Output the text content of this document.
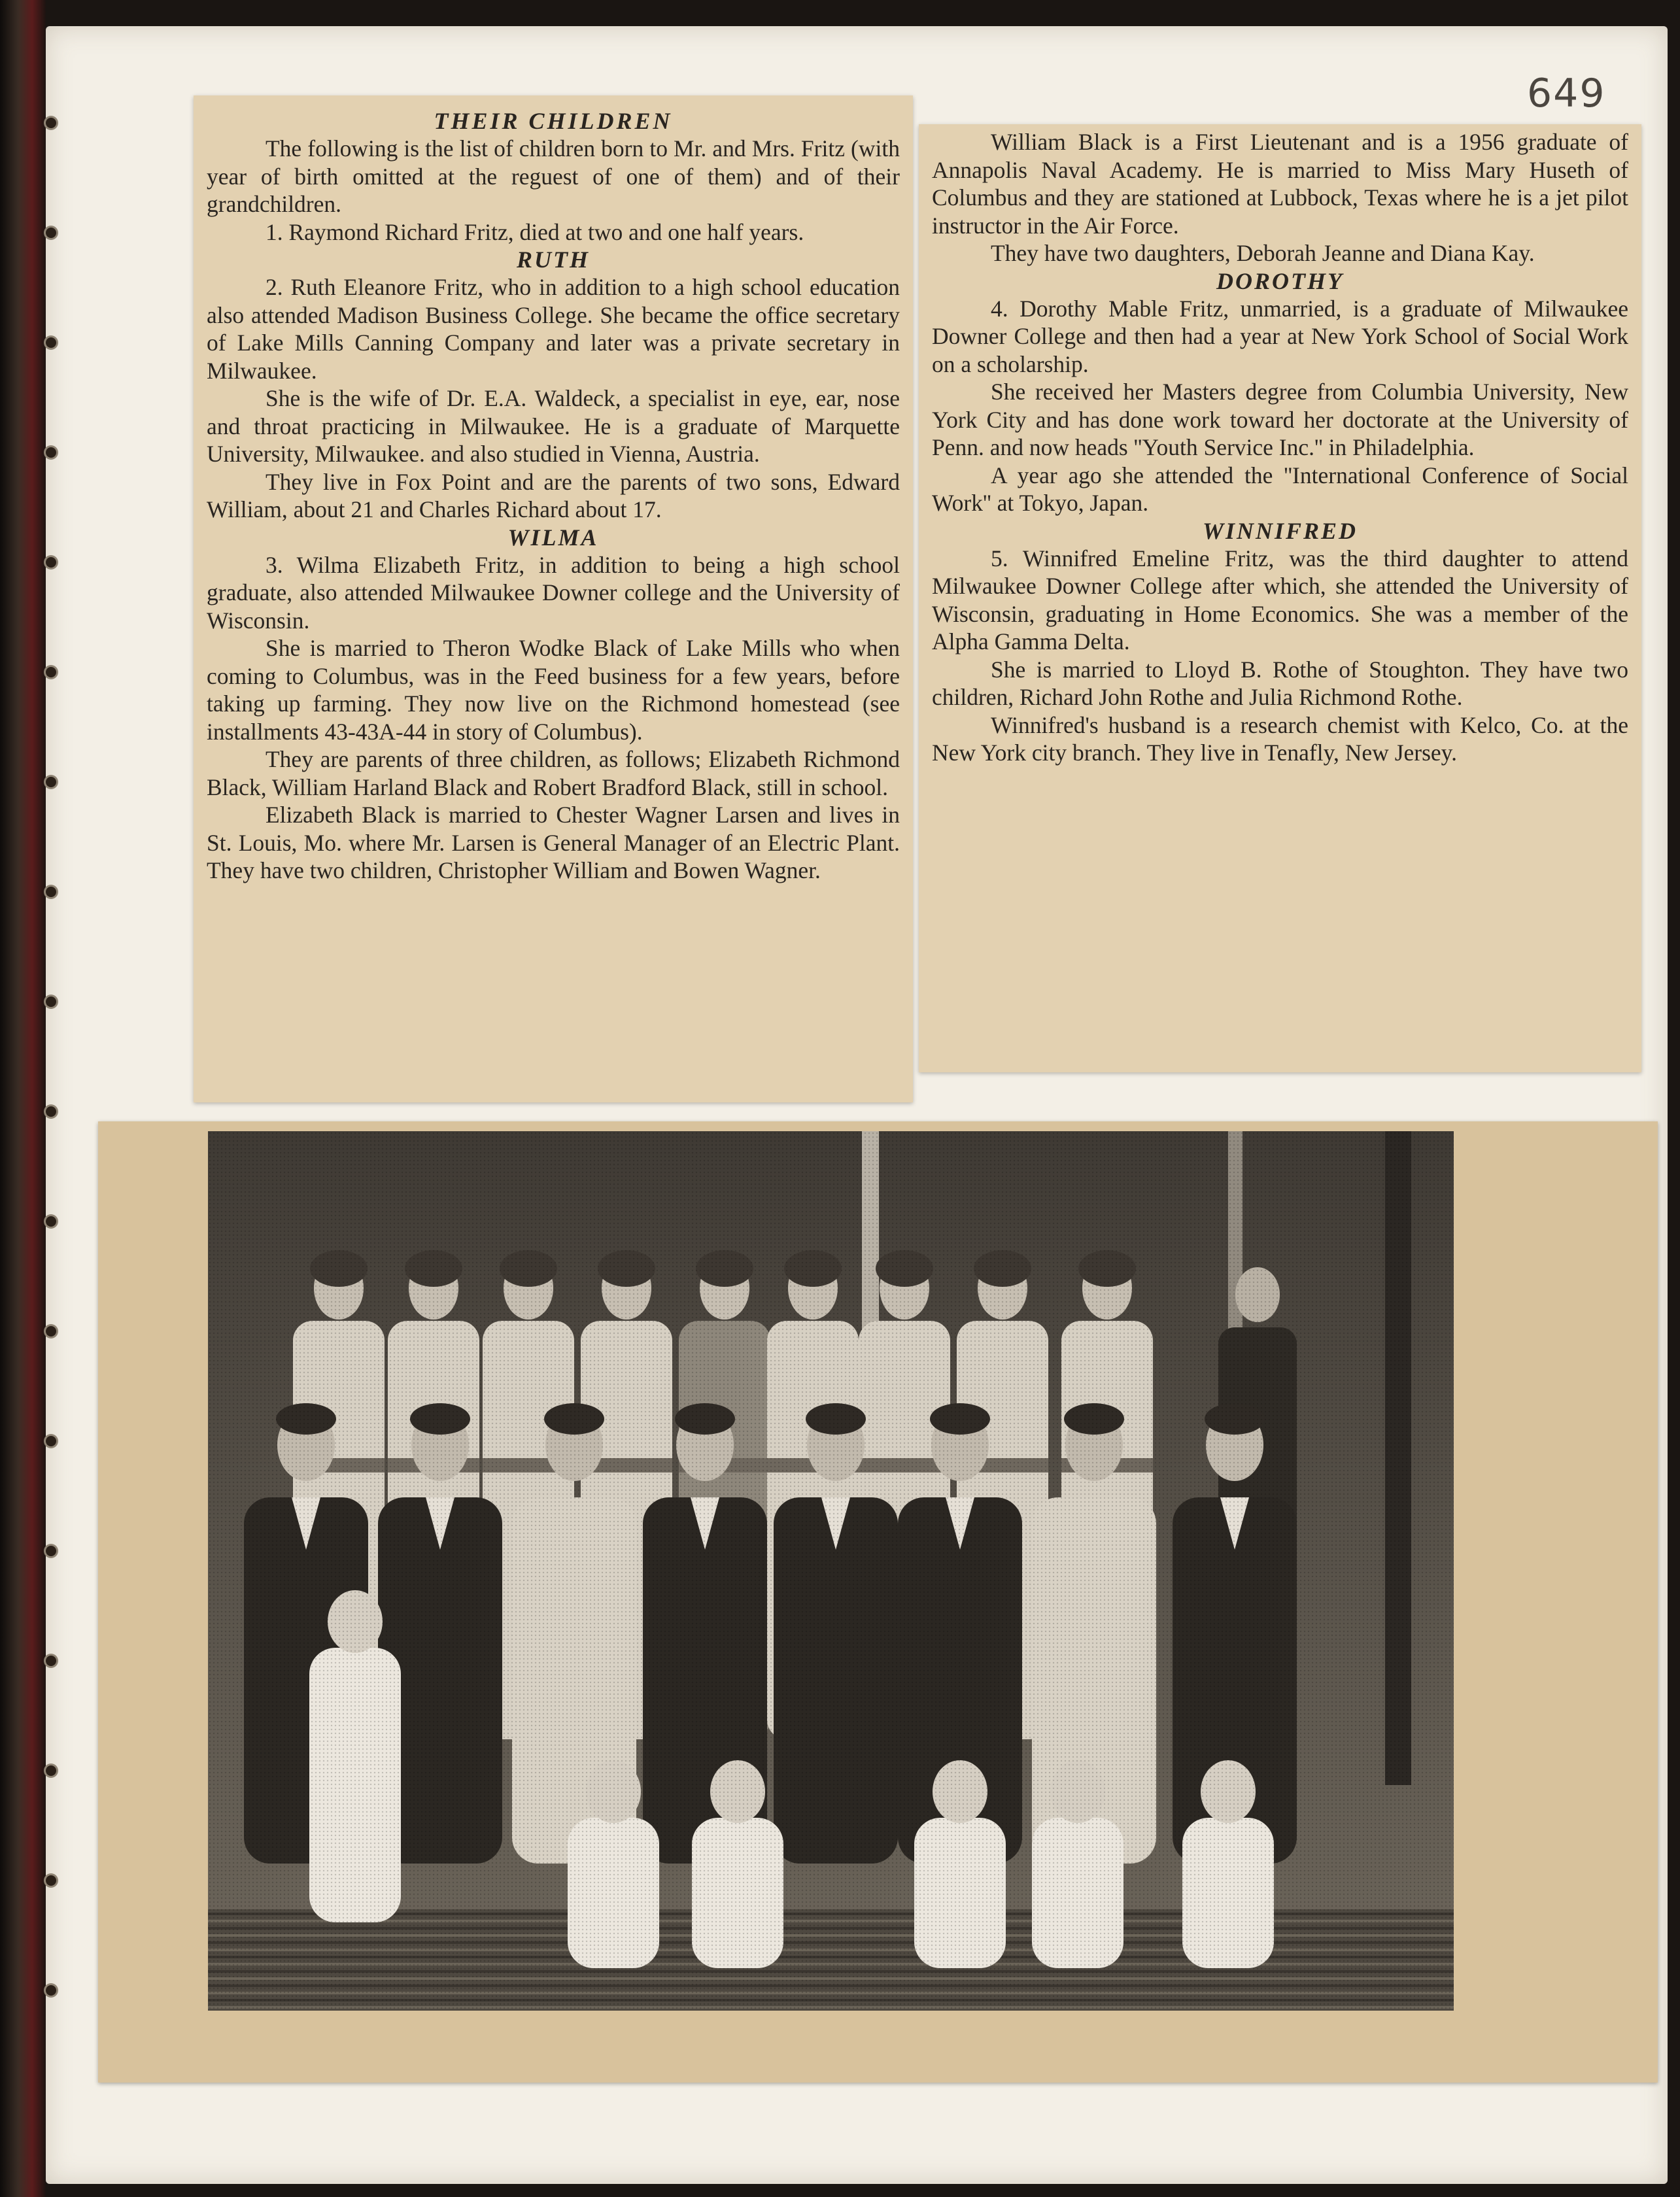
649
THEIR CHILDREN

The following is the list of children born to Mr. and Mrs. Fritz (with year of birth omitted at the reguest of one of them) and of their grandchildren.

1. Raymond Richard Fritz, died at two and one half years.

RUTH

2. Ruth Eleanore Fritz, who in addition to a high school education also attended Madison Business College. She became the office secretary of Lake Mills Canning Company and later was a private secretary in Milwaukee.

She is the wife of Dr. E.A. Waldeck, a specialist in eye, ear, nose and throat practicing in Milwaukee. He is a graduate of Marquette University, Milwaukee. and also studied in Vienna, Austria.

They live in Fox Point and are the parents of two sons, Edward William, about 21 and Charles Richard about 17.

WILMA

3. Wilma Elizabeth Fritz, in addition to being a high school graduate, also attended Milwaukee Downer college and the University of Wisconsin.

She is married to Theron Wodke Black of Lake Mills who when coming to Columbus, was in the Feed business for a few years, before taking up farming. They now live on the Richmond homestead (see installments 43-43A-44 in story of Columbus).

They are parents of three children, as follows; Elizabeth Richmond Black, William Harland Black and Robert Bradford Black, still in school.

Elizabeth Black is married to Chester Wagner Larsen and lives in St. Louis, Mo. where Mr. Larsen is General Manager of an Electric Plant. They have two children, Christopher William and Bowen Wagner.

William Black is a First Lieutenant and is a 1956 graduate of Annapolis Naval Academy. He is married to Miss Mary Huseth of Columbus and they are stationed at Lubbock, Texas where he is a jet pilot instructor in the Air Force.

They have two daughters, Deborah Jeanne and Diana Kay.

DOROTHY

4. Dorothy Mable Fritz, unmarried, is a graduate of Milwaukee Downer College and then had a year at New York School of Social Work on a scholarship.

She received her Masters degree from Columbia University, New York City and has done work toward her doctorate at the University of Penn. and now heads ''Youth Service Inc.'' in Philadelphia.

A year ago she attended the ''International Conference of Social Work'' at Tokyo, Japan.

WINNIFRED

5. Winnifred Emeline Fritz, was the third daughter to attend Milwaukee Downer College after which, she attended the University of Wisconsin, graduating in Home Economics. She was a member of the Alpha Gamma Delta.

She is married to Lloyd B. Rothe of Stoughton. They have two children, Richard John Rothe and Julia Richmond Rothe.

Winnifred's husband is a research chemist with Kelco, Co. at the New York city branch. They live in Tenafly, New Jersey.
